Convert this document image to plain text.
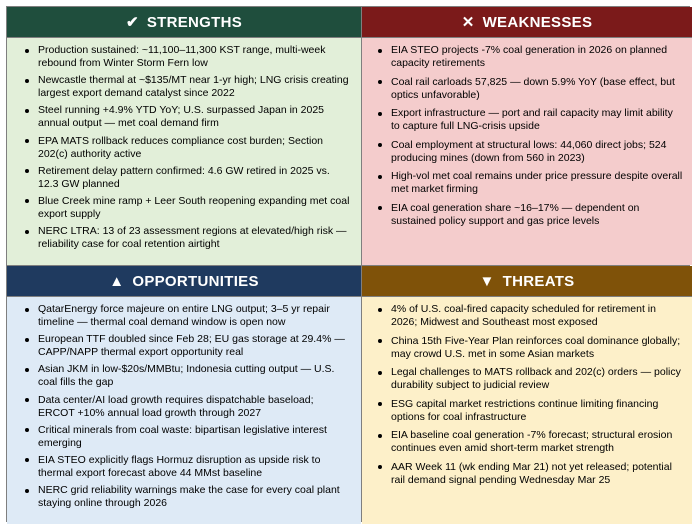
✔ STRENGTHS
Production sustained: ~11,100–11,300 KST range, multi-week rebound from Winter Storm Fern low
Newcastle thermal at ~$135/MT near 1-yr high; LNG crisis creating largest export demand catalyst since 2022
Steel running +4.9% YTD YoY; U.S. surpassed Japan in 2025 annual output — met coal demand firm
EPA MATS rollback reduces compliance cost burden; Section 202(c) authority active
Retirement delay pattern confirmed: 4.6 GW retired in 2025 vs. 12.3 GW planned
Blue Creek mine ramp + Leer South reopening expanding met coal export supply
NERC LTRA: 13 of 23 assessment regions at elevated/high risk — reliability case for coal retention airtight
✕ WEAKNESSES
EIA STEO projects -7% coal generation in 2026 on planned capacity retirements
Coal rail carloads 57,825 — down 5.9% YoY (base effect, but optics unfavorable)
Export infrastructure — port and rail capacity may limit ability to capture full LNG-crisis upside
Coal employment at structural lows: 44,060 direct jobs; 524 producing mines (down from 560 in 2023)
High-vol met coal remains under price pressure despite overall met market firming
EIA coal generation share ~16–17% — dependent on sustained policy support and gas price levels
▲ OPPORTUNITIES
QatarEnergy force majeure on entire LNG output; 3–5 yr repair timeline — thermal coal demand window is open now
European TTF doubled since Feb 28; EU gas storage at 29.4% — CAPP/NAPP thermal export opportunity real
Asian JKM in low-$20s/MMBtu; Indonesia cutting output — U.S. coal fills the gap
Data center/AI load growth requires dispatchable baseload; ERCOT +10% annual load growth through 2027
Critical minerals from coal waste: bipartisan legislative interest emerging
EIA STEO explicitly flags Hormuz disruption as upside risk to thermal export forecast above 44 MMst baseline
NERC grid reliability warnings make the case for every coal plant staying online through 2026
▼ THREATS
4% of U.S. coal-fired capacity scheduled for retirement in 2026; Midwest and Southeast most exposed
China 15th Five-Year Plan reinforces coal dominance globally; may crowd U.S. met in some Asian markets
Legal challenges to MATS rollback and 202(c) orders — policy durability subject to judicial review
ESG capital market restrictions continue limiting financing options for coal infrastructure
EIA baseline coal generation -7% forecast; structural erosion continues even amid short-term market strength
AAR Week 11 (wk ending Mar 21) not yet released; potential rail demand signal pending Wednesday Mar 25
